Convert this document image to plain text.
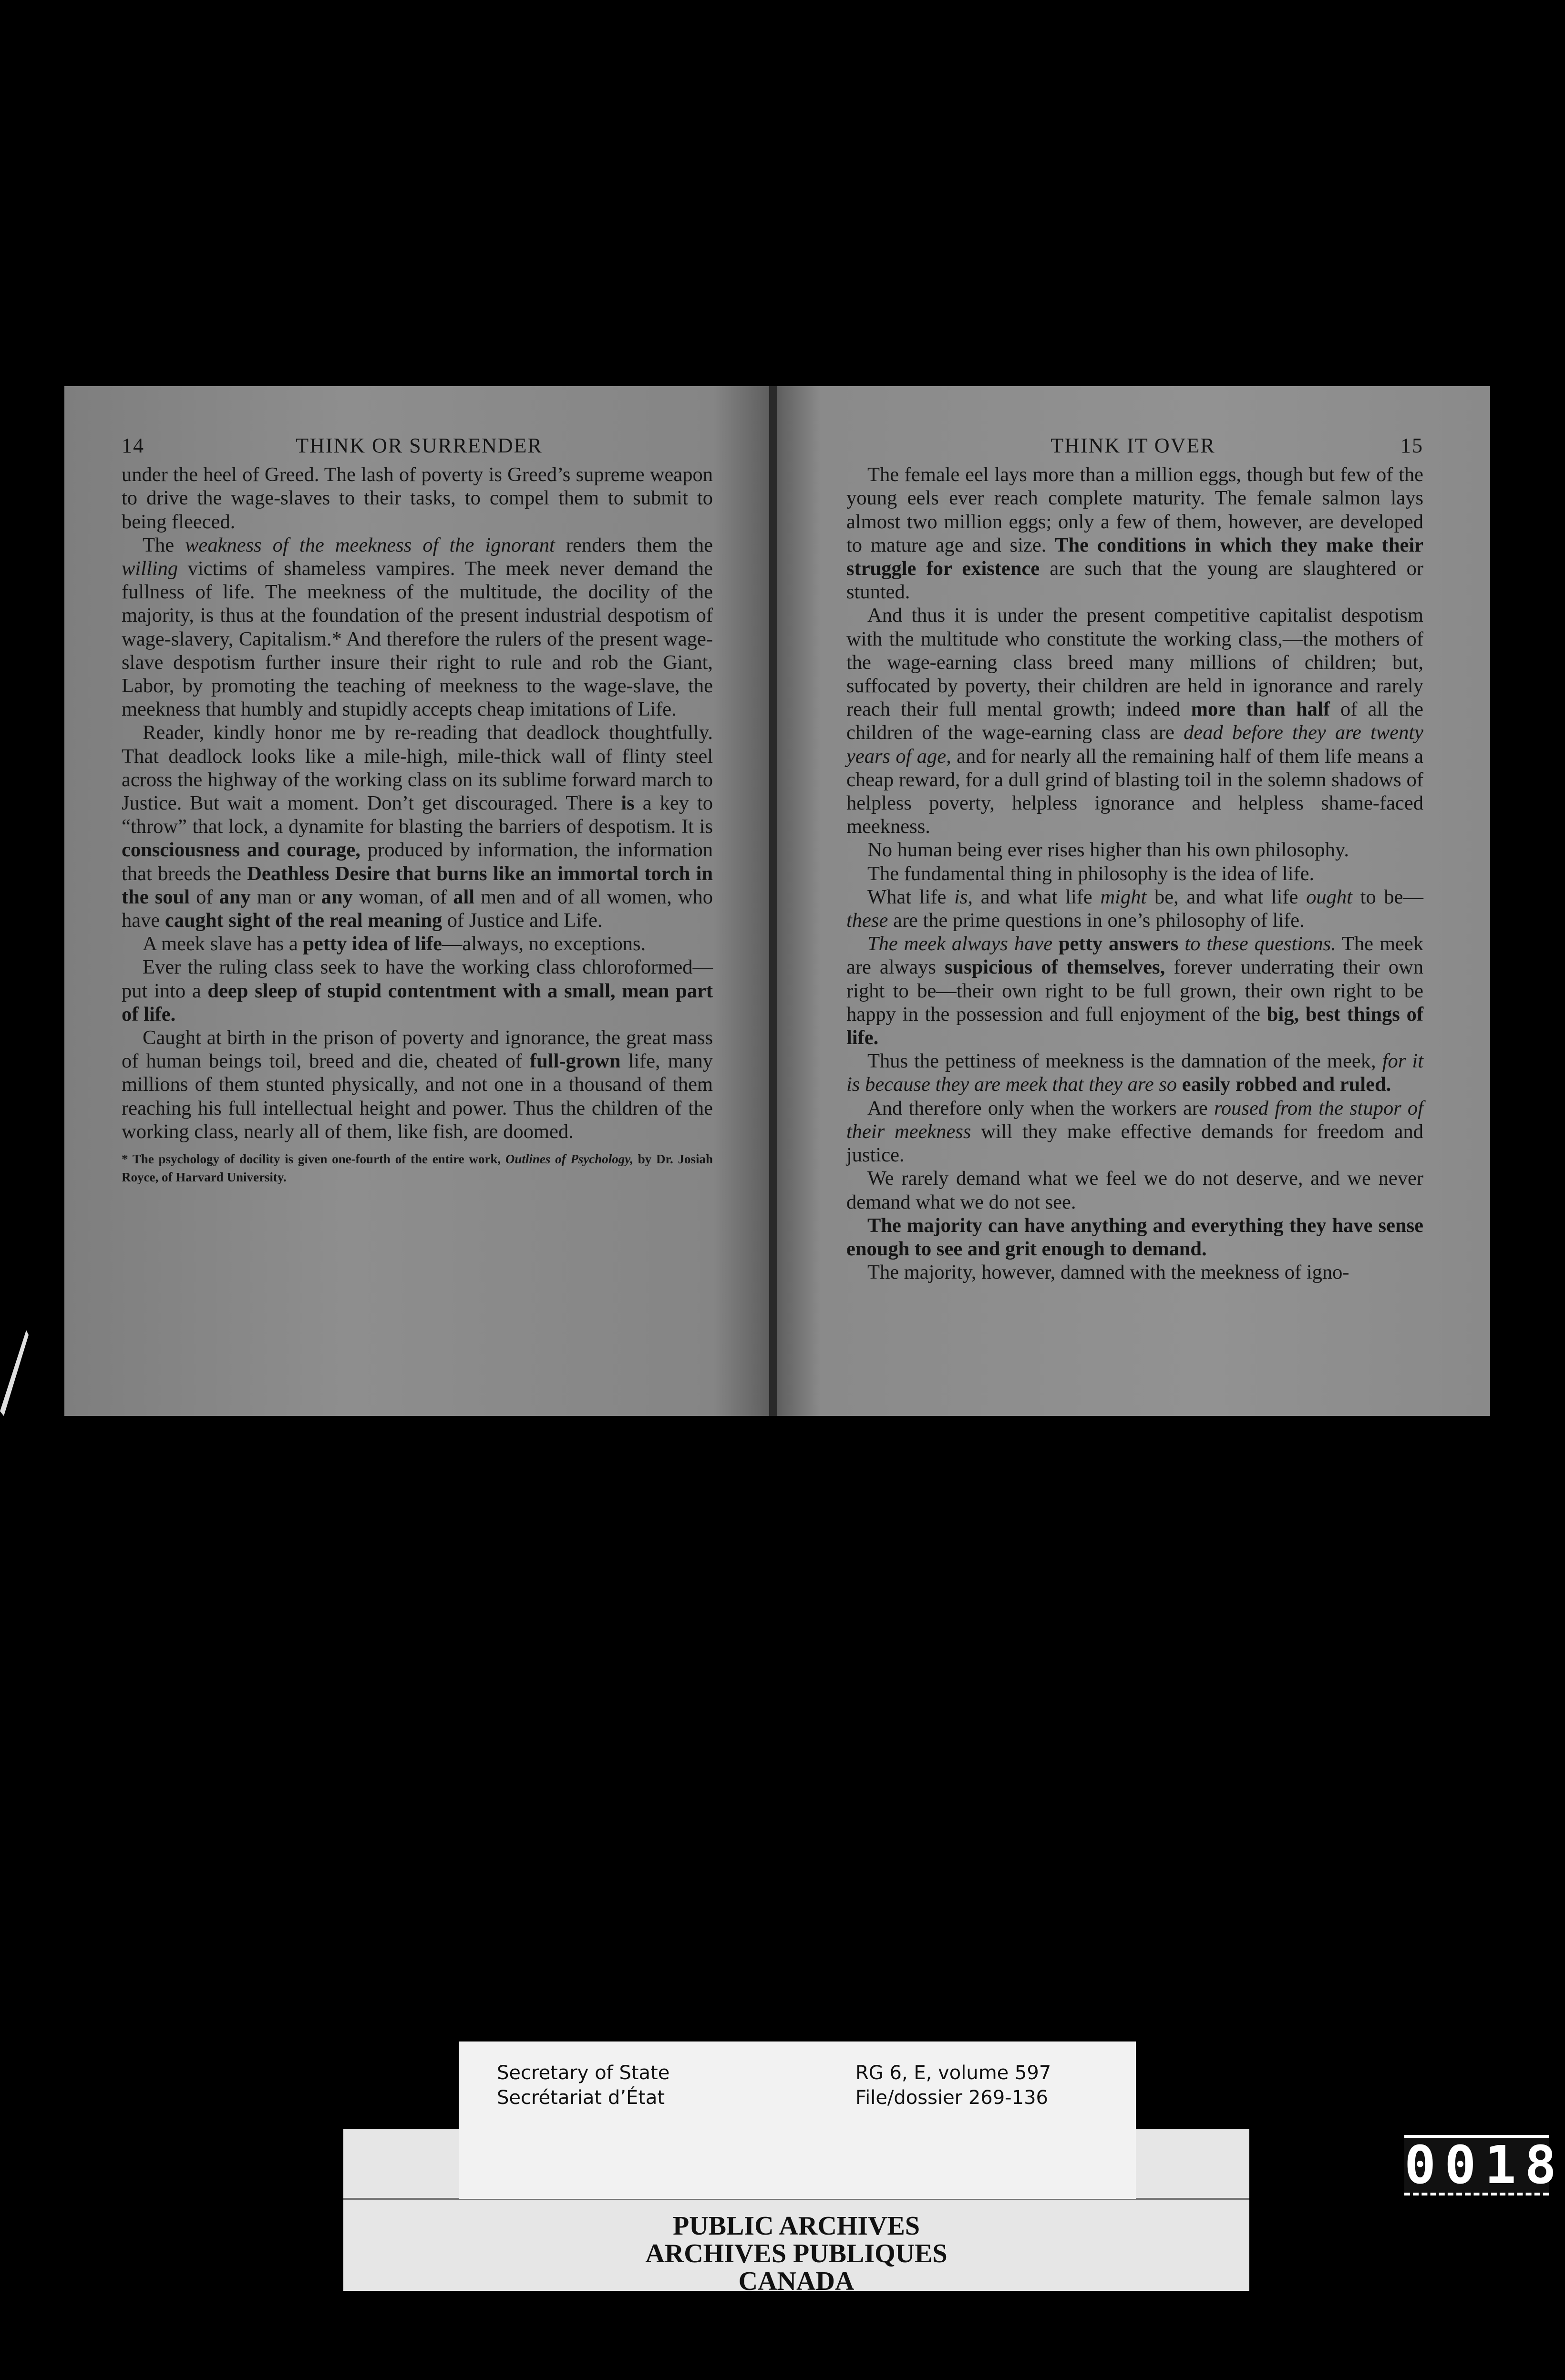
14	THINK OR SURRENDER

under the heel of Greed. The lash of poverty is Greed’s supreme weapon to drive the wage-slaves to their tasks, to compel them to submit to being fleeced.

The weakness of the meekness of the ignorant renders them the willing victims of shameless vampires. The meek never demand the fullness of life. The meekness of the multitude, the docility of the majority, is thus at the foundation of the present industrial despotism of wage-slavery, Capitalism.* And therefore the rulers of the present wage-slave despotism further insure their right to rule and rob the Giant, Labor, by promoting the teaching of meekness to the wage-slave, the meekness that humbly and stupidly accepts cheap imitations of Life.

Reader, kindly honor me by re-reading that deadlock thoughtfully. That deadlock looks like a mile-high, mile-thick wall of flinty steel across the highway of the working class on its sublime forward march to Justice. But wait a moment. Don’t get discouraged. There is a key to “throw” that lock, a dynamite for blasting the barriers of despotism. It is consciousness and courage, produced by information, the information that breeds the Deathless Desire that burns like an immortal torch in the soul of any man or any woman, of all men and of all women, who have caught sight of the real meaning of Justice and Life.

A meek slave has a petty idea of life—always, no exceptions.

Ever the ruling class seek to have the working class chloroformed—put into a deep sleep of stupid contentment with a small, mean part of life.

Caught at birth in the prison of poverty and ignorance, the great mass of human beings toil, breed and die, cheated of full-grown life, many millions of them stunted physically, and not one in a thousand of them reaching his full intellectual height and power. Thus the children of the working class, nearly all of them, like fish, are doomed.

* The psychology of docility is given one-fourth of the entire work, Outlines of Psychology, by Dr. Josiah Royce, of Harvard University.
THINK IT OVER	15

The female eel lays more than a million eggs, though but few of the young eels ever reach complete maturity. The female salmon lays almost two million eggs; only a few of them, however, are developed to mature age and size. The conditions in which they make their struggle for existence are such that the young are slaughtered or stunted.

And thus it is under the present competitive capitalist despotism with the multitude who constitute the working class,—the mothers of the wage-earning class breed many millions of children; but, suffocated by poverty, their children are held in ignorance and rarely reach their full mental growth; indeed more than half of all the children of the wage-earning class are dead before they are twenty years of age, and for nearly all the remaining half of them life means a cheap reward, for a dull grind of blasting toil in the solemn shadows of helpless poverty, helpless ignorance and helpless shame-faced meekness.

No human being ever rises higher than his own philosophy.

The fundamental thing in philosophy is the idea of life.

What life is, and what life might be, and what life ought to be—these are the prime questions in one’s philosophy of life.

The meek always have petty answers to these questions. The meek are always suspicious of themselves, forever underrating their own right to be—their own right to be full grown, their own right to be happy in the possession and full enjoyment of the big, best things of life.

Thus the pettiness of meekness is the damnation of the meek, for it is because they are meek that they are so easily robbed and ruled.

And therefore only when the workers are roused from the stupor of their meekness will they make effective demands for freedom and justice.

We rarely demand what we feel we do not deserve, and we never demand what we do not see.

The majority can have anything and everything they have sense enough to see and grit enough to demand.

The majority, however, damned with the meekness of igno-

PUBLIC ARCHIVES
ARCHIVES PUBLIQUES
CANADA
Secretary of State
Secrétariat d’État
RG 6, E, volume 597
File/dossier 269-136
0018
